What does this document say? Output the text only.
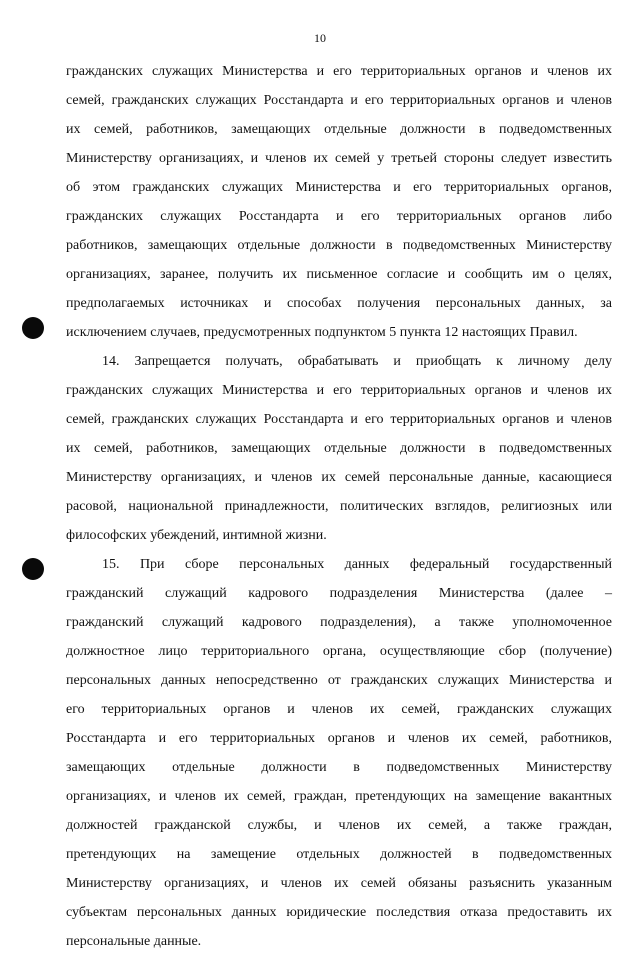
10

гражданских служащих Министерства и его территориальных органов и членов их

семей, гражданских служащих Росстандарта и его территориальных органов и членов

их семей, работников, замещающих отдельные должности в подведомственных

Министерству организациях, и членов их семей у третьей стороны следует известить

об этом гражданских служащих Министерства и его территориальных органов,

гражданских служащих Росстандарта и его территориальных органов либо

работников, замещающих отдельные должности в подведомственных Министерству

организациях, заранее, получить их письменное согласие и сообщить им о целях,

предполагаемых источниках и способах получения персональных данных, за

исключением случаев, предусмотренных подпунктом 5 пункта 12 настоящих Правил.

14. Запрещается получать, обрабатывать и приобщать к личному делу

гражданских служащих Министерства и его территориальных органов и членов их

семей, гражданских служащих Росстандарта и его территориальных органов и членов

их семей, работников, замещающих отдельные должности в подведомственных

Министерству организациях, и членов их семей персональные данные, касающиеся

расовой, национальной принадлежности, политических взглядов, религиозных или

философских убеждений, интимной жизни.

15. При сборе персональных данных федеральный государственный

гражданский служащий кадрового подразделения Министерства (далее –

гражданский служащий кадрового подразделения), а также уполномоченное

должностное лицо территориального органа, осуществляющие сбор (получение)

персональных данных непосредственно от гражданских служащих Министерства и

его территориальных органов и членов их семей, гражданских служащих

Росстандарта и его территориальных органов и членов их семей, работников,

замещающих отдельные должности в подведомственных Министерству

организациях, и членов их семей, граждан, претендующих на замещение вакантных

должностей гражданской службы, и членов их семей, а также граждан,

претендующих на замещение отдельных должностей в подведомственных

Министерству организациях, и членов их семей обязаны разъяснить указанным

субъектам персональных данных юридические последствия отказа предоставить их

персональные данные.
